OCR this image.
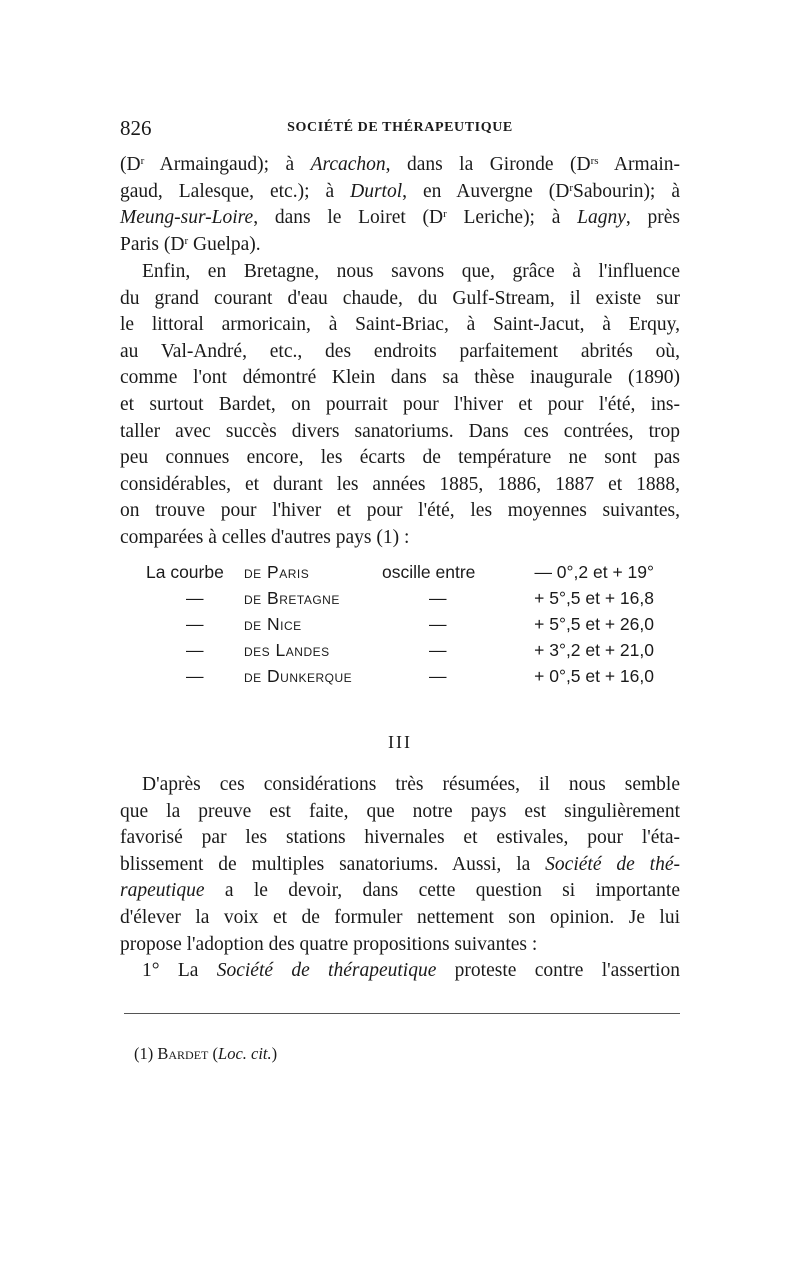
826	SOCIÉTÉ DE THÉRAPEUTIQUE
($D^r$ Armaingaud); à Arcachon, dans la Gironde ($D^{rs}$ Armain-
gaud, Lalesque, etc.); à Durtol, en Auvergne $(D^rSabourin)$; à
Meung-sur-Loire, dans le Loiret ($D^r$ Leriche); à Lagny, près
Paris ($D^r$ Guelpa).
Enfin, en Bretagne, nous savons que, grâce à l'influence
du grand courant d'eau chaude, du Gulf-Stream, il existe sur
le littoral armoricain, à Saint-Briac, à Saint-Jacut, à Erquy,
au Val-André, etc., des endroits parfaitement abrités où,
comme l'ont démontré Klein dans sa thèse inaugurale (1890)
et surtout Bardet, on pourrait pour l'hiver et pour l'été, ins-
taller avec succès divers sanatoriums. Dans ces contrées, trop
peu connues encore, les écarts de température ne sont pas
considérables, et durant les années 1885, 1886, 1887 et 1888,
on trouve pour l'hiver et pour l'été, les moyennes suivantes,
comparées à celles d'autres pays (1) :
La courbe de Paris	oscille entre	— 0°,2 et + 19°
— de Bretagne	—	+ 5°,5 et + 16,8
— de Nice	—	+ 5°,5 et + 26,0
— des Landes	—	+ 3°,2 et + 21,0
— de Dunkerque	—	+ 0°,5 et + 16,0
III
D'après ces considérations très résumées, il nous semble
que la preuve est faite, que notre pays est singulièrement
favorisé par les stations hivernales et estivales, pour l'éta-
blissement de multiples sanatoriums. Aussi, la Société de thé-
rapeutique a le devoir, dans cette question si importante
d'élever la voix et de formuler nettement son opinion. Je lui
propose l'adoption des quatre propositions suivantes :
1° La Société de thérapeutique proteste contre l'assertion
(1) Bardet (Loc. cit.)
